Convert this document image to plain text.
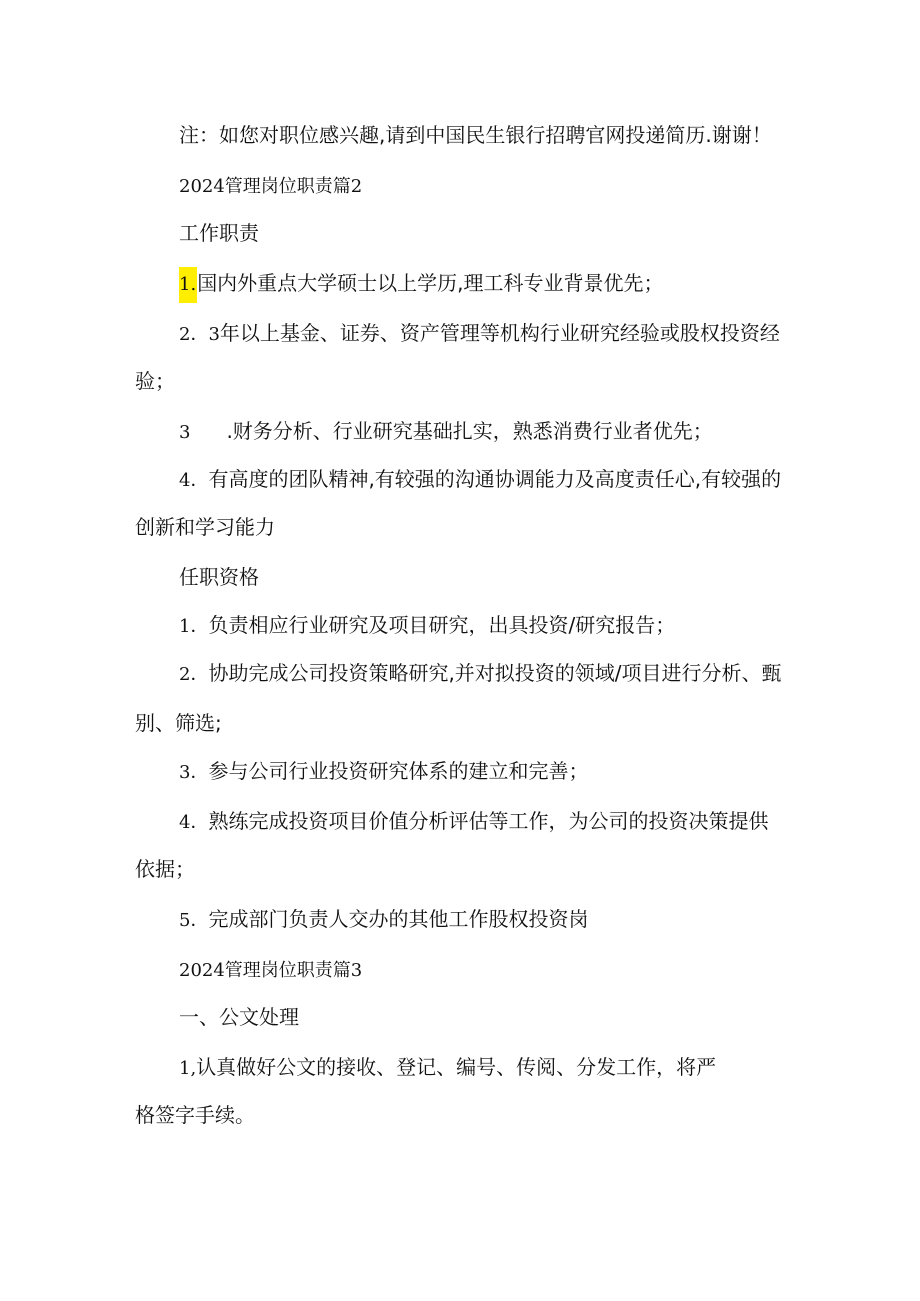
注：如您对职位感兴趣,请到中国民生银行招聘官网投递简历.谢谢！
2024管理岗位职责篇2
工作职责
1.国内外重点大学硕士以上学历,理工科专业背景优先；
2．3年以上基金、证券、资产管理等机构行业研究经验或股权投资经
验；
3 .财务分析、行业研究基础扎实，熟悉消费行业者优先；
4．有高度的团队精神,有较强的沟通协调能力及高度责任心,有较强的
创新和学习能力
任职资格
1．负责相应行业研究及项目研究，出具投资/研究报告；
2．协助完成公司投资策略研究,并对拟投资的领域/项目进行分析、甄
别、筛选;
3．参与公司行业投资研究体系的建立和完善；
4．熟练完成投资项目价值分析评估等工作，为公司的投资决策提供
依据；
5．完成部门负责人交办的其他工作股权投资岗
2024管理岗位职责篇3
一、公文处理
1,认真做好公文的接收、登记、编号、传阅、分发工作，将严
格签字手续。
